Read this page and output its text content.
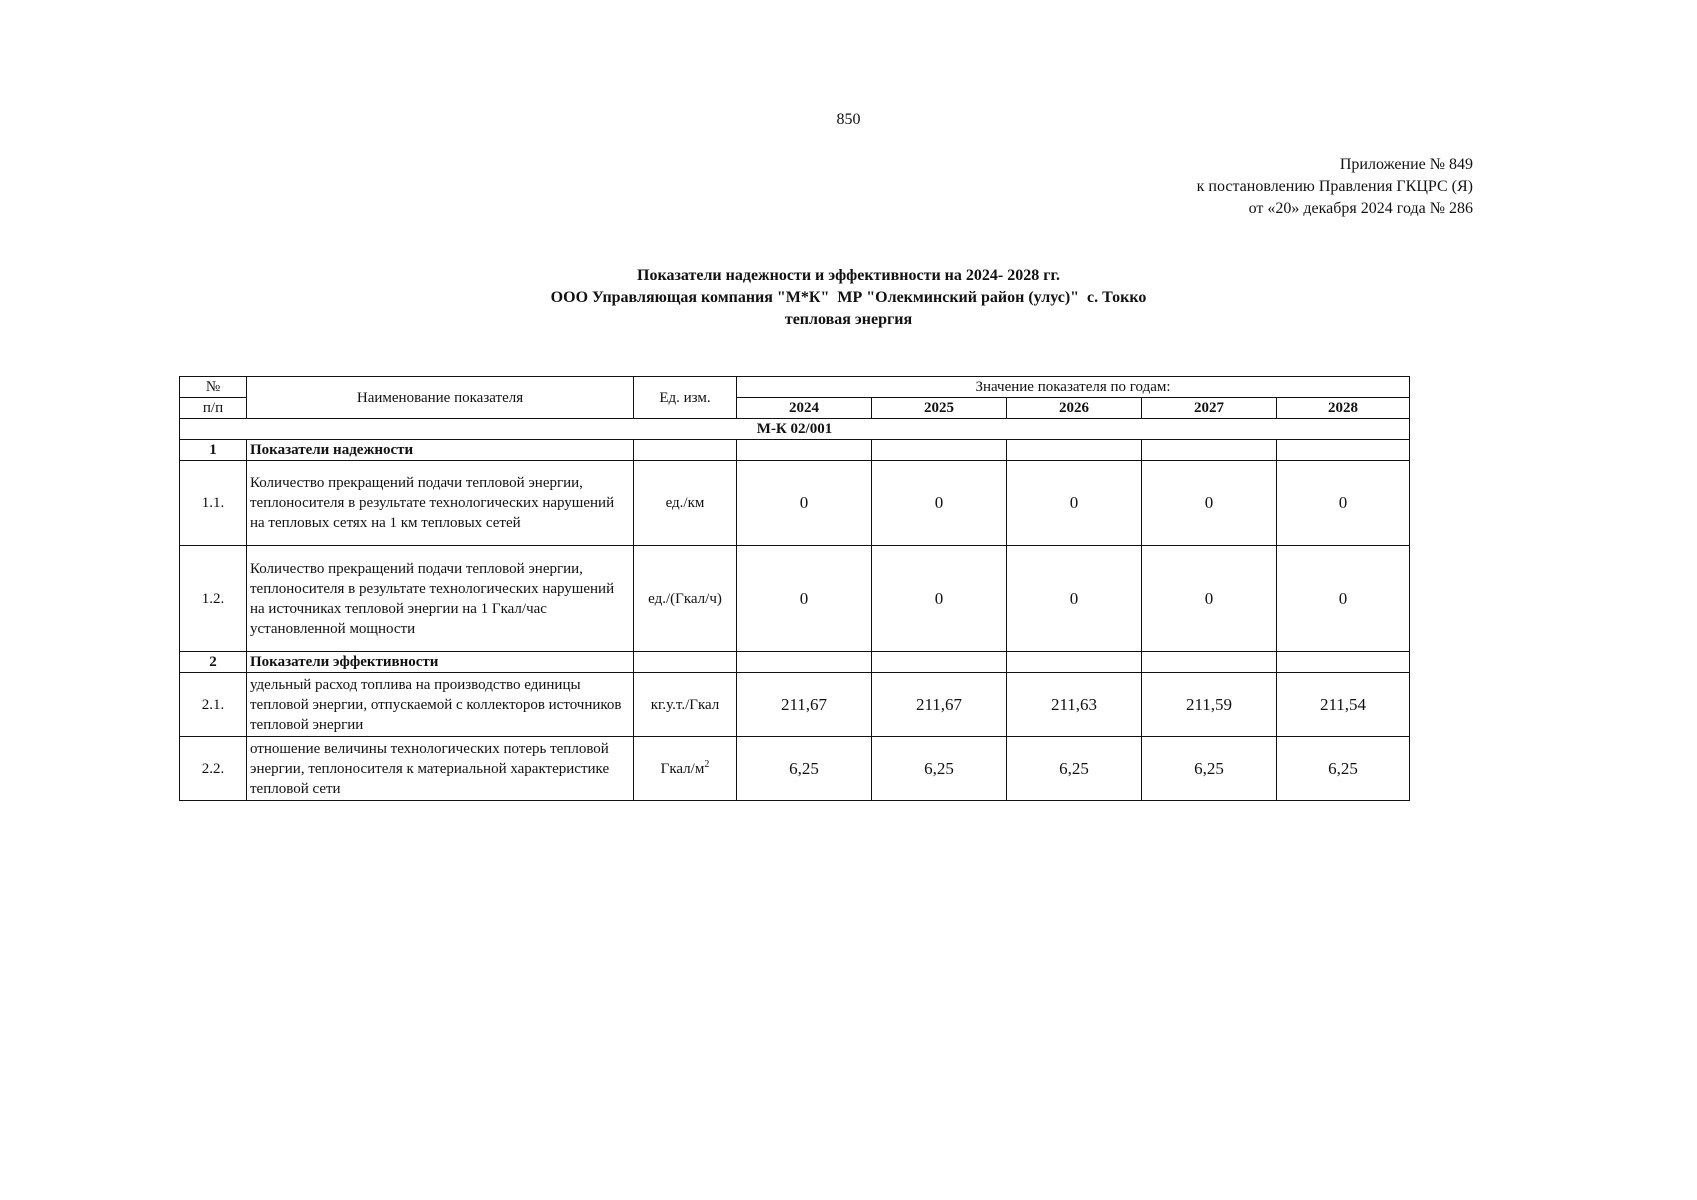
850
Приложение № 849
к постановлению Правления ГКЦРС (Я)
от «20» декабря 2024 года № 286
Показатели надежности и эффективности на 2024- 2028 гг.
ООО Управляющая компания "М*К"  МР "Олекминский район (улус)"  с. Токко
тепловая энергия
№	Наименование показателя	Ед. изм.	Значение показателя по годам:				
п/п			2024	2025	2026	2027	2028
М-К 02/001							
1	Показатели надежности						
1.1.	Количество прекращений подачи тепловой энергии, теплоносителя в результате технологических нарушений на тепловых сетях на 1 км тепловых сетей	ед./км	0	0	0	0	0
1.2.	Количество прекращений подачи тепловой энергии, теплоносителя в результате технологических нарушений на источниках тепловой энергии на 1 Гкал/час установленной мощности	ед./(Гкал/ч)	0	0	0	0	0
2	Показатели эффективности						
2.1.	удельный расход топлива на производство единицы тепловой энергии, отпускаемой с коллекторов источников тепловой энергии	кг.у.т./Гкал	211,67	211,67	211,63	211,59	211,54
2.2.	отношение величины технологических потерь тепловой энергии, теплоносителя к материальной характеристике тепловой сети	Гкал/$м^2$	6,25	6,25	6,25	6,25	6,25
